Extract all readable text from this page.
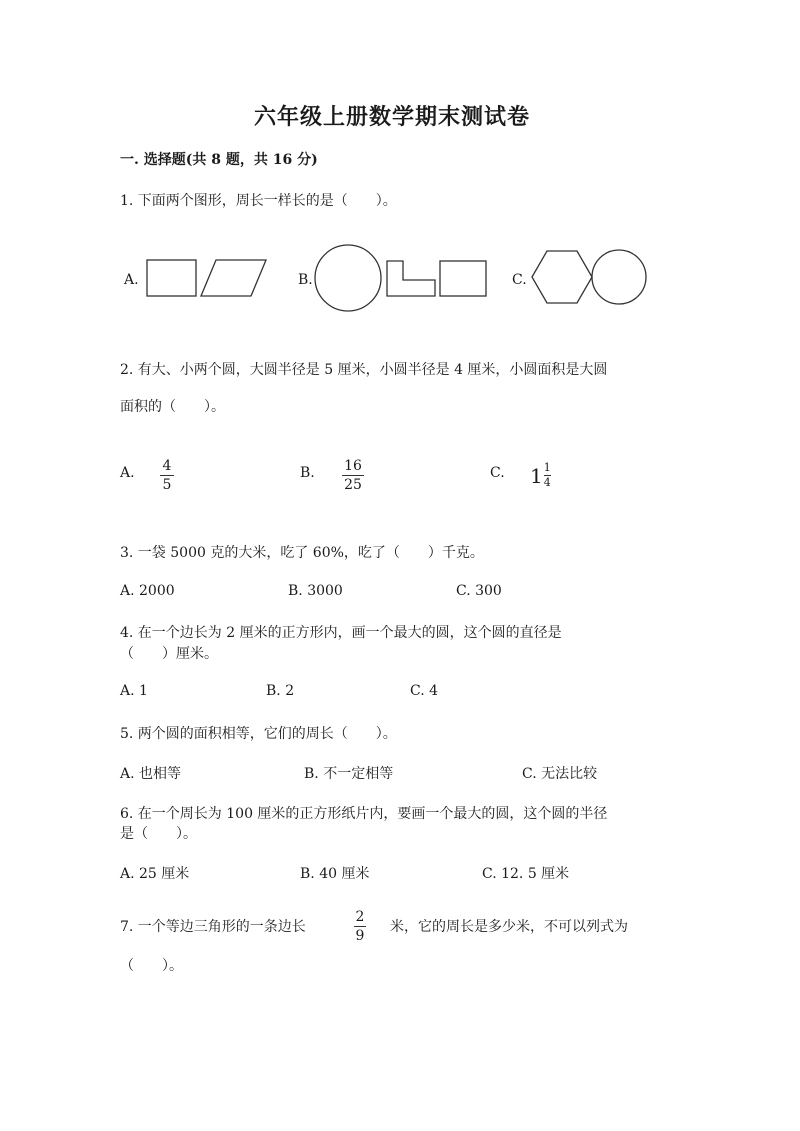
六年级上册数学期末测试卷
一. 选择题(共 8 题，共 16 分)
1. 下面两个图形，周长一样长的是（　　）。
A.	B.	C.
2. 有大、小两个圆，大圆半径是 5 厘米，小圆半径是 4 厘米，小圆面积是大圆
面积的（　　）。
A. 4
5
B. 16
25
C. $1 \frac{1}{4}$
3. 一袋 5000 克的大米，吃了 60%，吃了（　　）千克。
A. 2000	B. 3000	C. 300
4. 在一个边长为 2 厘米的正方形内，画一个最大的圆，这个圆的直径是
（　　）厘米。
A. 1	B. 2	C. 4
5. 两个圆的面积相等，它们的周长（　　）。
A. 也相等	B. 不一定相等	C. 无法比较
6. 在一个周长为 100 厘米的正方形纸片内，要画一个最大的圆，这个圆的半径
是（　　）。
A. 25 厘米	B. 40 厘米	C. 12. 5 厘米
7. 一个等边三角形的一条边长
2
9
米，它的周长是多少米，不可以列式为
（　　）。
